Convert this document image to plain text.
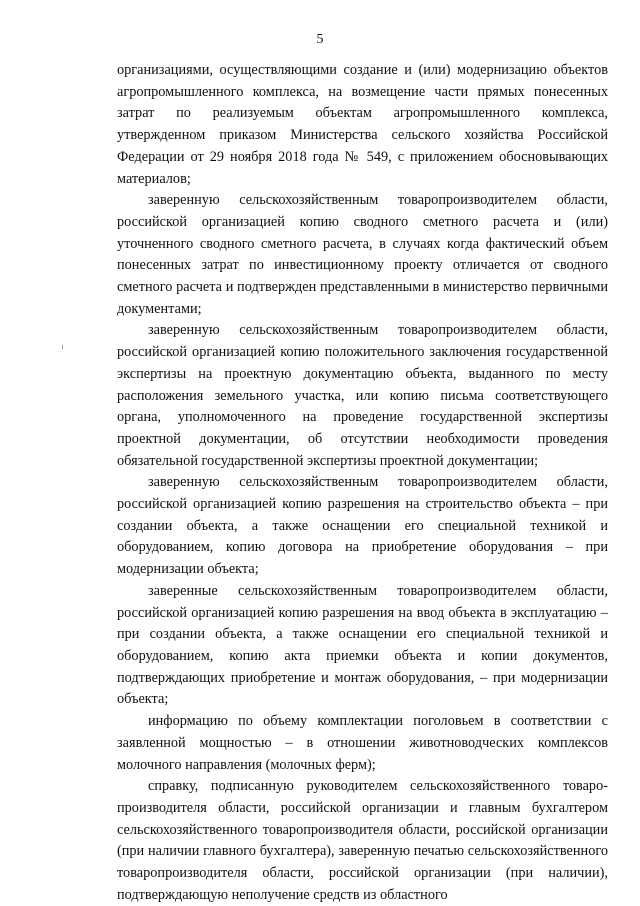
5

организациями, осуществляющими создание и (или) модернизацию объектов агропромышленного комплекса, на возмещение части прямых понесенных затрат по реализуемым объектам агропромышленного комплекса, утвержденном приказом Министерства сельского хозяйства Российской Федерации от 29 ноября 2018 года № 549, с приложением обосновывающих материалов;

заверенную сельскохозяйственным товаропроизводителем области, российской организацией копию сводного сметного расчета и (или) уточненного сводного сметного расчета, в случаях когда фактический объем понесенных затрат по инвестиционному проекту отличается от сводного сметного расчета и подтвержден представленными в министерство первичными документами;

заверенную сельскохозяйственным товаропроизводителем области, российской организацией копию положительного заключения государственной экспертизы на проектную документацию объекта, выданного по месту расположения земельного участка, или копию письма соответствующего органа, уполномоченного на проведение государственной экспертизы проектной документации, об отсутствии необходимости проведения обязательной государственной экспертизы проектной документации;

заверенную сельскохозяйственным товаропроизводителем области, российской организацией копию разрешения на строительство объекта – при создании объекта, а также оснащении его специальной техникой и оборудованием, копию договора на приобретение оборудования – при модернизации объекта;

заверенные сельскохозяйственным товаропроизводителем области, российской организацией копию разрешения на ввод объекта в эксплуатацию – при создании объекта, а также оснащении его специальной техникой и оборудованием, копию акта приемки объекта и копии документов, подтверждающих приобретение и монтаж оборудования, – при модернизации объекта;

информацию по объему комплектации поголовьем в соответствии с заявленной мощностью – в отношении животноводческих комплексов молочного направления (молочных ферм);

справку, подписанную руководителем сельскохозяйственного товаропроизводителя области, российской организации и главным бухгалтером сельскохозяйственного товаропроизводителя области, российской организации (при наличии главного бухгалтера), заверенную печатью сельскохозяйственного товаропроизводителя области, российской организации (при наличии), подтверждающую неполучение средств из областного
